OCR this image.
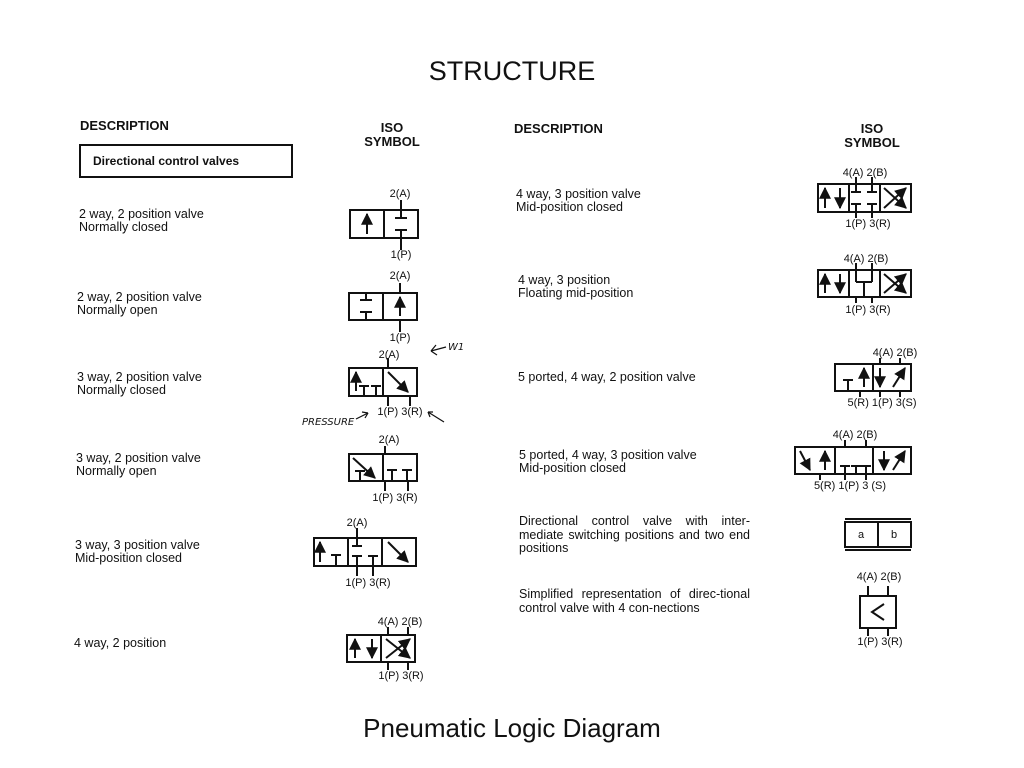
STRUCTURE
DESCRIPTION	ISO
SYMBOL
Directional control valves
DESCRIPTION	ISO
SYMBOL
2 way, 2 position valve
Normally closed
2 way, 2 position valve
Normally open
3 way, 2 position valve
Normally closed
3 way, 2 position valve
Normally open
3 way, 3 position valve
Mid-position closed
4 way, 2 position
4 way, 3 position valve
Mid-position closed
4 way, 3 position
Floating mid-position
5 ported, 4 way, 2 position valve
5 ported, 4 way, 3 position valve
Mid-position closed
Directional control valve with inter-mediate switching positions and two end positions
Simplified representation of direc-tional control valve with 4 con-nections
Pneumatic Logic Diagram
2(A)
1(P)
2(A)
1(P)
2(A)
1(P) 3(R)
2(A)
1(P) 3(R)
2(A)
1(P) 3(R)
4(A) 2(B)
1(P) 3(R)
4(A) 2(B)
1(P) 3(R)
4(A) 2(B)
1(P) 3(R)
4(A) 2(B)
5(R) 1(P) 3(S)
4(A) 2(B)
5(R) 1(P) 3 (S)
a b
4(A) 2(B)
1(P) 3(R)
W1
PRESSURE
